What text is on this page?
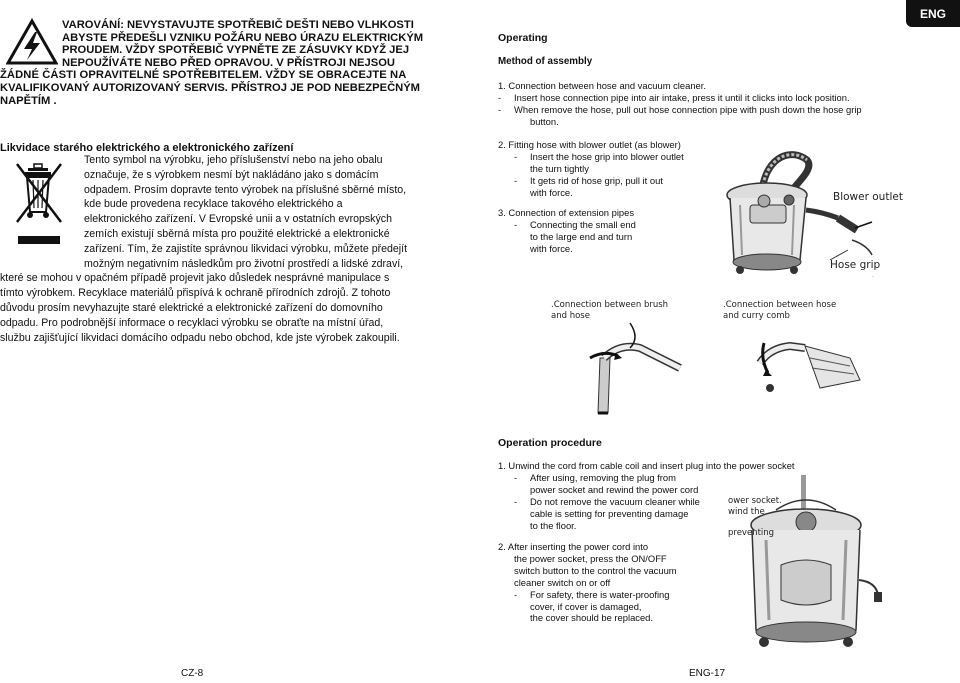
ENG
VAROVÁNÍ: NEVYSTAVUJTE SPOTŘEBIČ DEŠTI NEBO VLHKOSTI
ABYSTE PŘEDEŠLI VZNIKU POŽÁRU NEBO ÚRAZU ELEKTRICKÝM
PROUDEM. VŽDY SPOTŘEBIČ VYPNĚTE ZE ZÁSUVKY KDYŽ JEJ
NEPOUŽÍVÁTE NEBO PŘED OPRAVOU. V PŘÍSTROJI NEJSOU
ŽÁDNÉ ČÁSTI OPRAVITELNÉ SPOTŘEBITELEM. VŽDY SE OBRACEJTE NA
KVALIFIKOVANÝ AUTORIZOVANÝ SERVIS. PŘÍSTROJ JE POD NEBEZPEČNÝM
NAPĚTÍM .
Likvidace starého elektrického a elektronického zařízení
Tento symbol na výrobku, jeho příslušenství nebo na jeho obalu
označuje, že s výrobkem nesmí být nakládáno jako s domácím
odpadem. Prosím dopravte tento výrobek na příslušné sběrné místo,
kde bude provedena recyklace takového elektrického a
elektronického zařízení. V Evropské unii a v ostatních evropských
zemích existují sběrná místa pro použité elektrické a elektronické
zařízení. Tím, že zajistíte správnou likvidaci výrobku, můžete předejít
možným negativním následkům pro životní prostředí a lidské zdraví,
které se mohou v opačném případě projevit jako důsledek nesprávné manipulace s
tímto výrobkem. Recyklace materiálů přispívá k ochraně přírodních zdrojů. Z tohoto
důvodu prosím nevyhazujte staré elektrické a elektronické zařízení do domovního
odpadu. Pro podrobnější informace o recyklaci výrobku se obraťte na místní úřad,
službu zajišťující likvidaci domácího odpadu nebo obchod, kde jste výrobek zakoupili.
CZ-8
Operating
Method of assembly
1. Connection between hose and vacuum cleaner.
-	Insert hose connection pipe into air intake, press it until it clicks into lock position.
-	When remove the hose, pull out hose connection pipe with push down the hose grip
button.
2. Fitting hose with blower outlet (as blower)
-	Insert the hose grip into blower outlet
the turn tightly
-	It gets rid of hose grip, pull it out
with force.
3. Connection of extension pipes
-	Connecting the small end
to the large end and turn
with force.
·
Blower outlet
Hose grip
.Connection between brush
and hose
.Connection between hose
and curry comb
Operation procedure
1. Unwind the cord from cable coil and insert plug into the power socket
-	After using, removing the plug from
power socket and rewind the power cord
-	Do not remove the vacuum cleaner while
cable is setting for preventing damage
to the floor.
2. After inserting the power cord into
the power socket, press the ON/OFF
switch button to the control the vacuum
cleaner switch on or off
-	For safety, there is water-proofing
cover, if cover is damaged,
the cover should be replaced.
ower socket.
wind the
preventing
ENG-17
